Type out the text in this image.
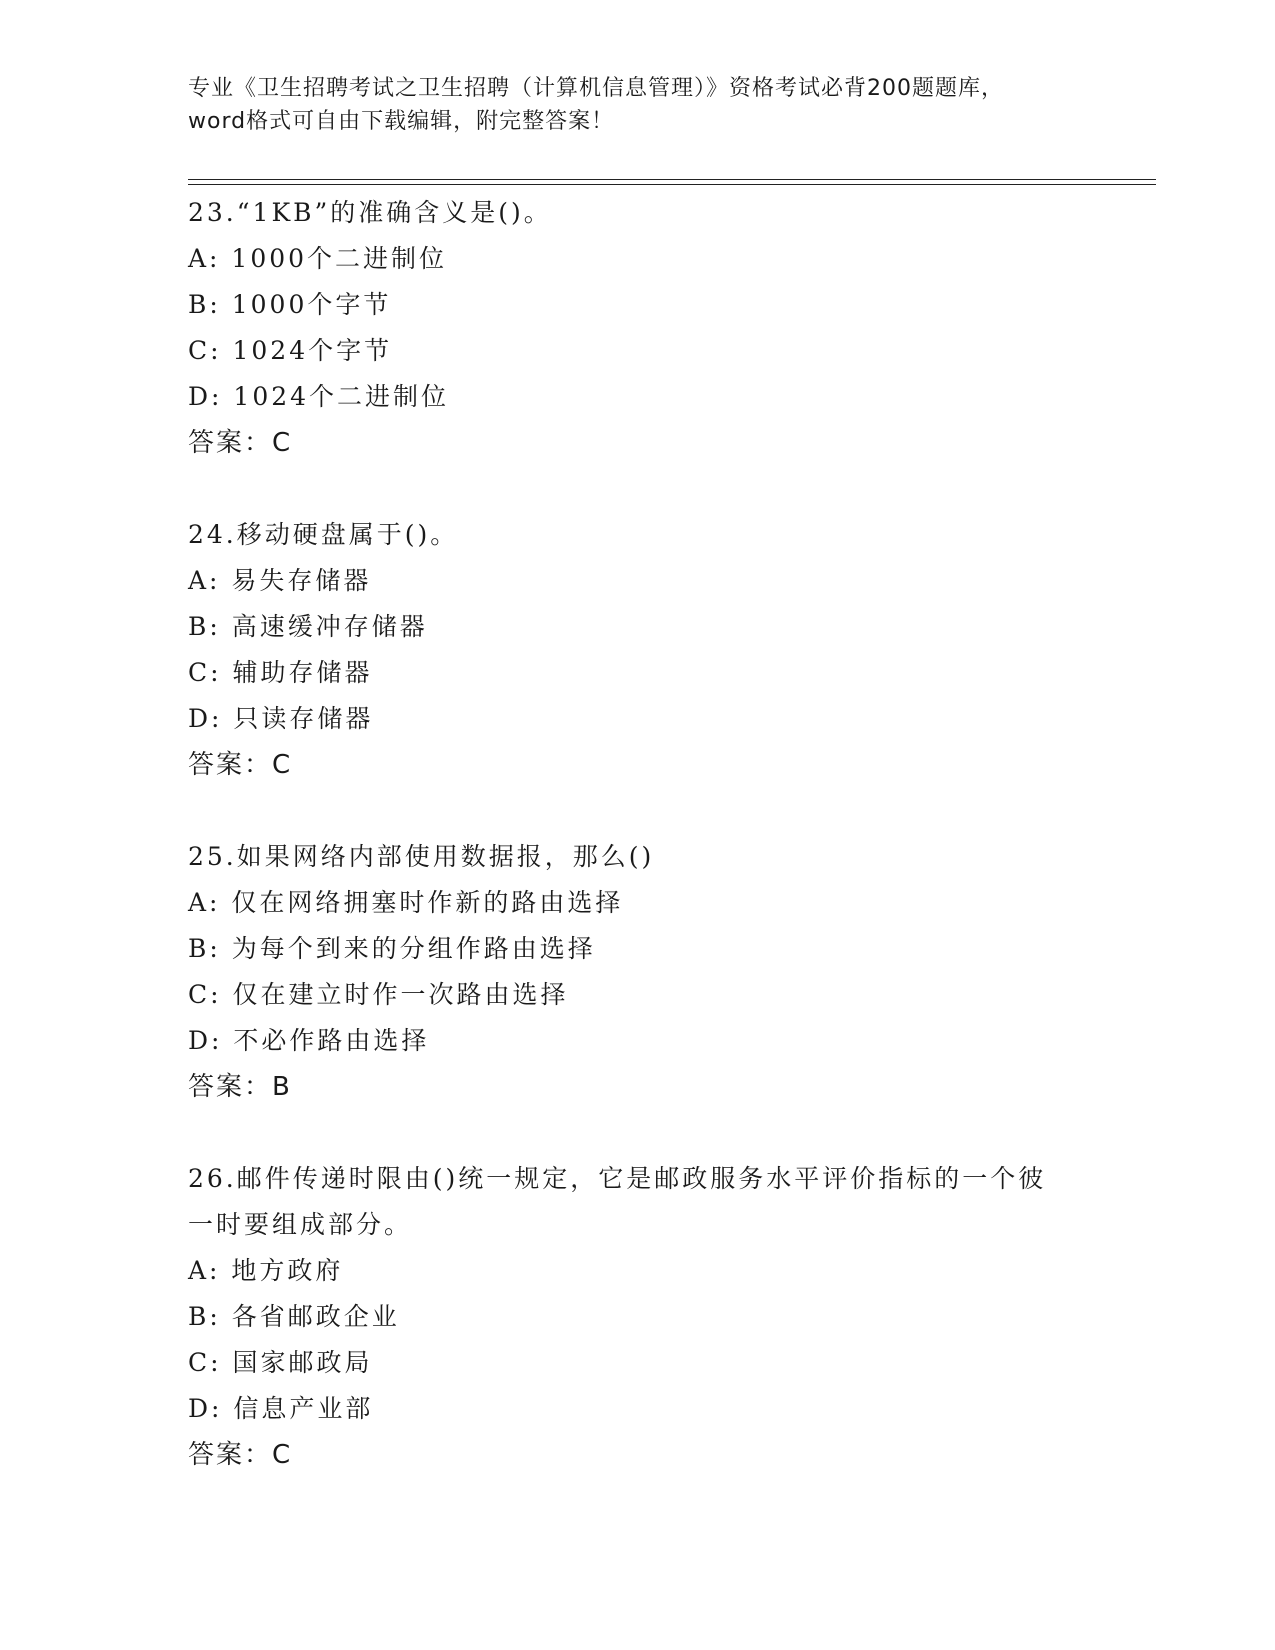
专业《卫生招聘考试之卫生招聘（计算机信息管理）》资格考试必背200题题库，
word格式可自由下载编辑，附完整答案！
23.“1KB”的准确含义是()。
A: 1000个二进制位
B: 1000个字节
C: 1024个字节
D: 1024个二进制位
答案：C
24.移动硬盘属于()。
A: 易失存储器
B: 高速缓冲存储器
C: 辅助存储器
D: 只读存储器
答案：C
25.如果网络内部使用数据报，那么()
A: 仅在网络拥塞时作新的路由选择
B: 为每个到来的分组作路由选择
C: 仅在建立时作一次路由选择
D: 不必作路由选择
答案：B
26.邮件传递时限由()统一规定，它是邮政服务水平评价指标的一个彼
一时要组成部分。
A: 地方政府
B: 各省邮政企业
C: 国家邮政局
D: 信息产业部
答案：C
